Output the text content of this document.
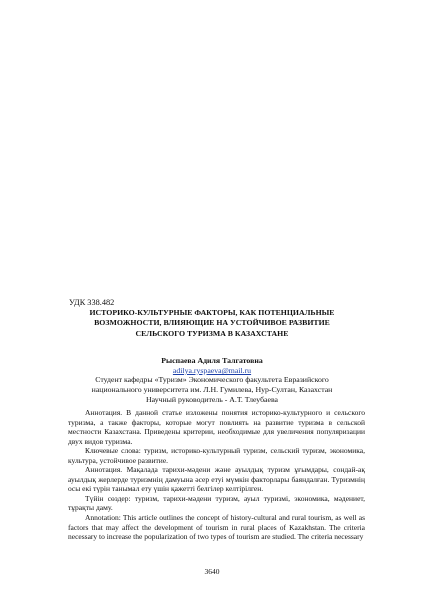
УДК 338.482
ИСТОРИКО-КУЛЬТУРНЫЕ ФАКТОРЫ, КАК ПОТЕНЦИАЛЬНЫЕ
ВОЗМОЖНОСТИ, ВЛИЯЮЩИЕ НА УСТОЙЧИВОЕ РАЗВИТИЕ
СЕЛЬСКОГО ТУРИЗМА В КАЗАХСТАНЕ
Рыспаева Адиля Талгатовна
adilya.ryspaeva@mail.ru
Студент кафедры «Туризм» Экономического факультета Евразийского
национального университета им. Л.Н. Гумилева, Нур-Султан, Казахстан
Научный руководитель - А.Т. Тлеубаева

Аннотация. В данной статье изложены понятия историко-культурного и сельского туризма, а также факторы, которые могут повлиять на развитие туризма в сельской местности Казахстана. Приведены критерии, необходимые для увеличения популяризации двух видов туризма.

Ключевые слова: туризм, историко-культурный туризм, сельский туризм, экономика, культура, устойчивое развитие.

Аннотация. Мақалада тарихи-мәдени және ауылдық туризм ұғымдары, сондай-ақ ауылдық жерлерде туризмнің дамуына әсер етуі мүмкін факторлары баяндалған. Туризмнің осы екі түрін танымал ету үшін қажетті белгілер келтірілген.

Түйін сөздер: туризм, тарихи-мәдени туризм, ауыл туризмі, экономика, мәдениет, тұрақты даму.

Annotation: This article outlines the concept of history-cultural and rural tourism, as well as factors that may affect the development of tourism in rural places of Kazakhstan. The criteria necessary to increase the popularization of two types of tourism are studied. The criteria necessary

3640
